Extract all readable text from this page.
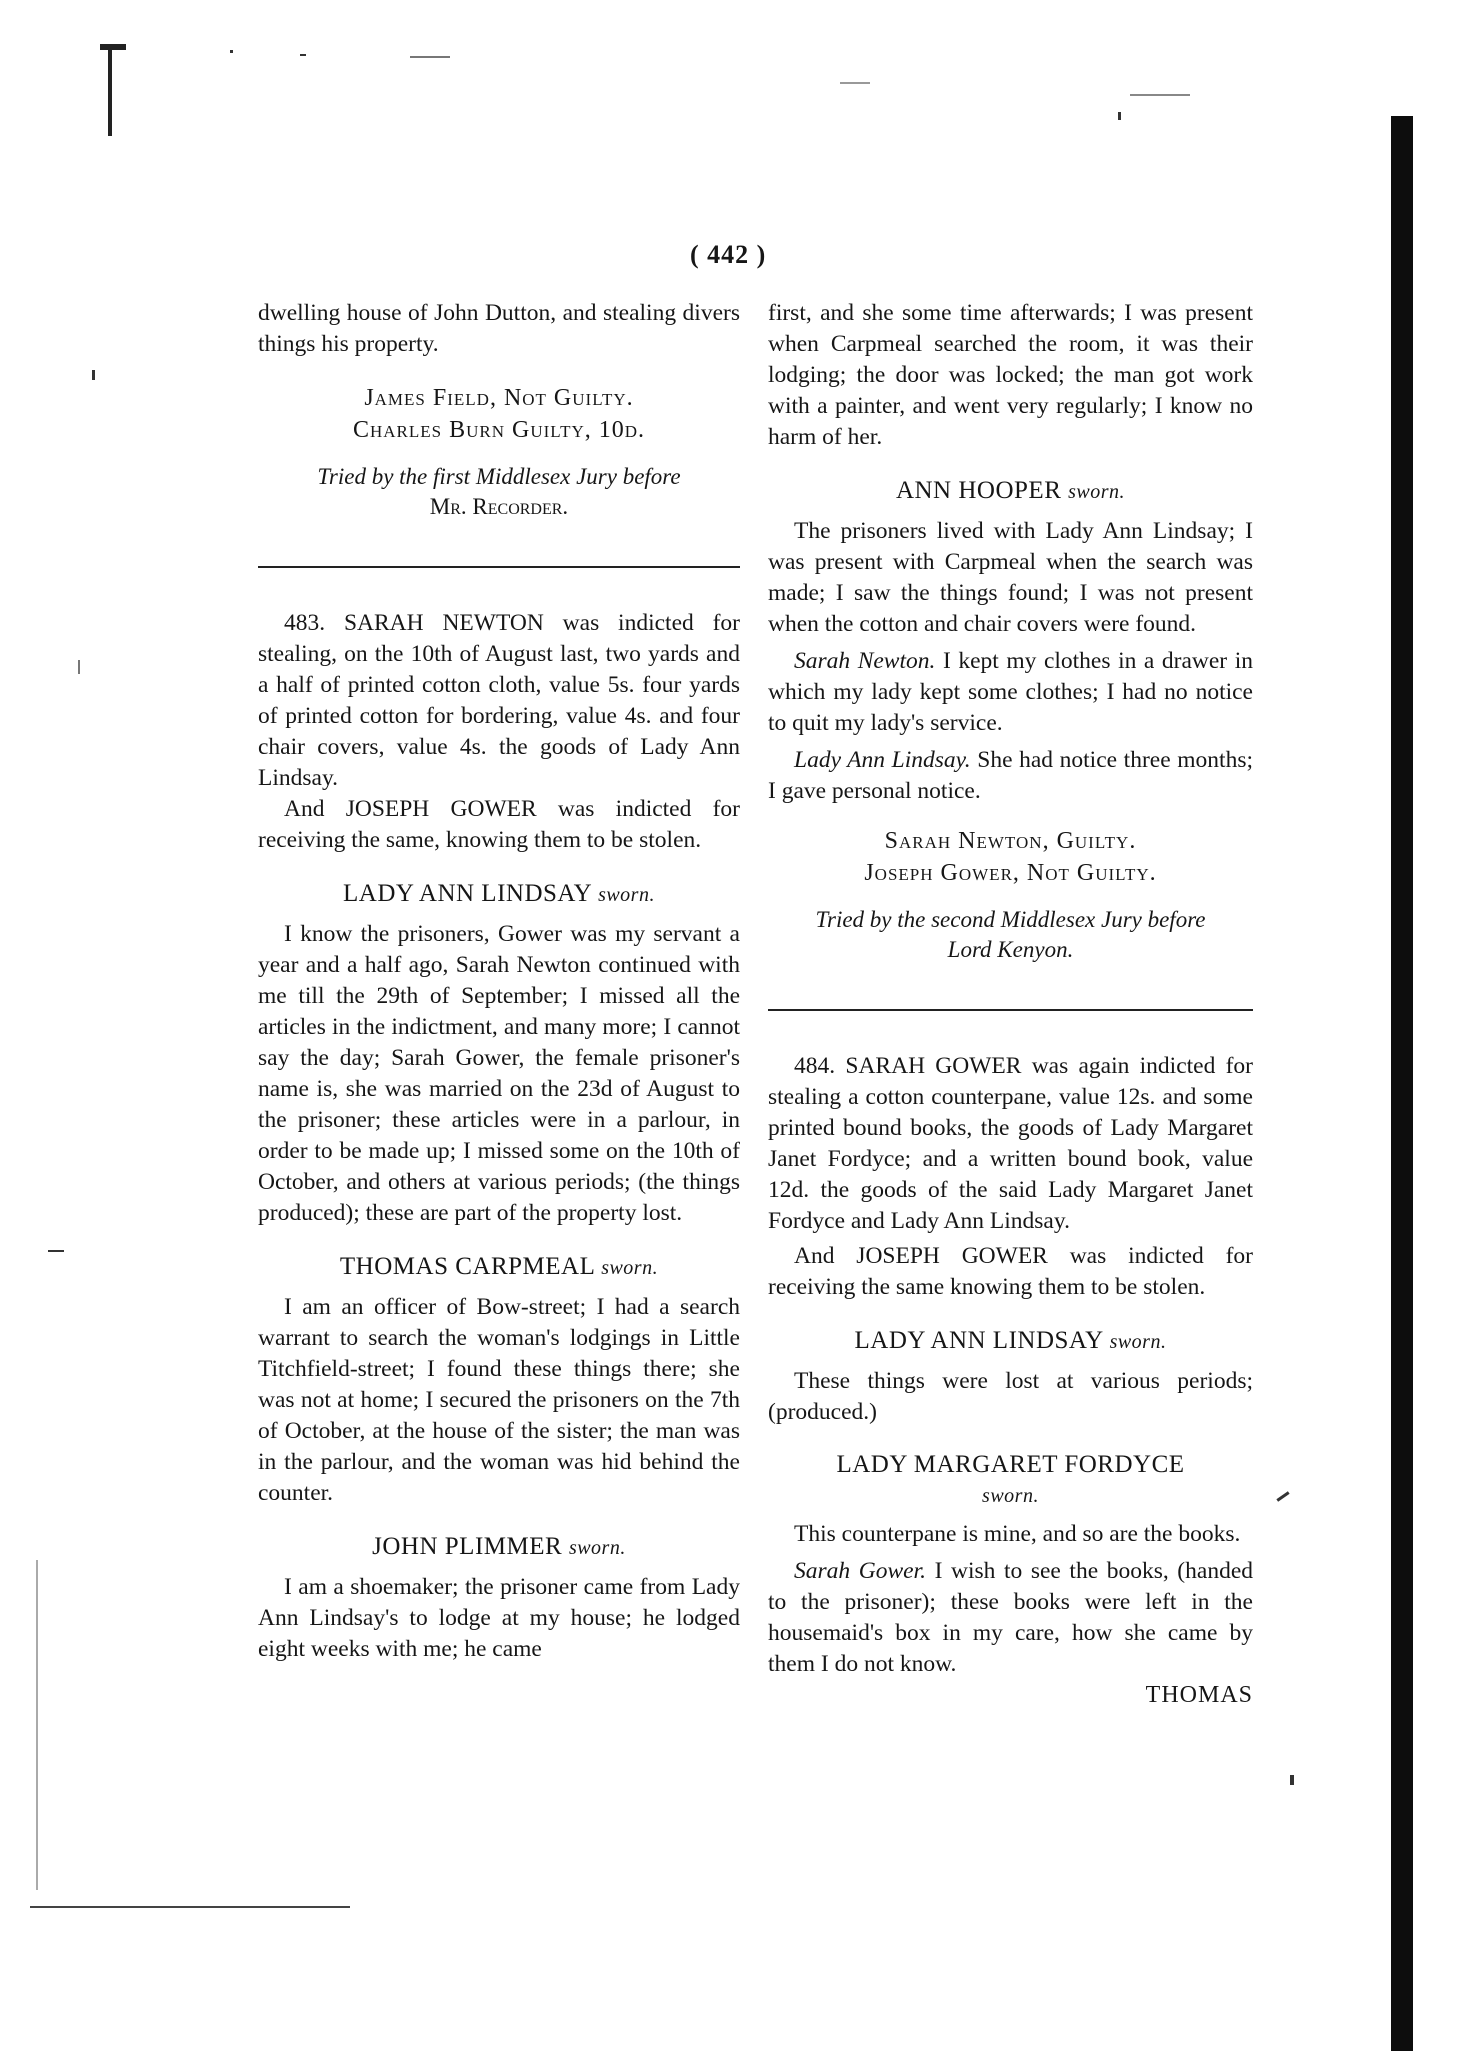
( 442 )

dwelling house of John Dutton, and stealing divers things his property.

James Field, Not Guilty.
Charles Burn Guilty, 10d.
Tried by the first Middlesex Jury before
Mr. Recorder.

483. SARAH NEWTON was indicted for stealing, on the 10th of August last, two yards and a half of printed cotton cloth, value 5s. four yards of printed cotton for bordering, value 4s. and four chair covers, value 4s. the goods of Lady Ann Lindsay.

And JOSEPH GOWER was indicted for receiving the same, knowing them to be stolen.

LADY ANN LINDSAY sworn.

I know the prisoners, Gower was my servant a year and a half ago, Sarah Newton continued with me till the 29th of September; I missed all the articles in the indictment, and many more; I cannot say the day; Sarah Gower, the female prisoner's name is, she was married on the 23d of August to the prisoner; these articles were in a parlour, in order to be made up; I missed some on the 10th of October, and others at various periods; (the things produced); these are part of the property lost.

THOMAS CARPMEAL sworn.

I am an officer of Bow-street; I had a search warrant to search the woman's lodgings in Little Titchfield-street; I found these things there; she was not at home; I secured the prisoners on the 7th of October, at the house of the sister; the man was in the parlour, and the woman was hid behind the counter.

JOHN PLIMMER sworn.

I am a shoemaker; the prisoner came from Lady Ann Lindsay's to lodge at my house; he lodged eight weeks with me; he came

first, and she some time afterwards; I was present when Carpmeal searched the room, it was their lodging; the door was locked; the man got work with a painter, and went very regularly; I know no harm of her.

ANN HOOPER sworn.

The prisoners lived with Lady Ann Lindsay; I was present with Carpmeal when the search was made; I saw the things found; I was not present when the cotton and chair covers were found.

Sarah Newton. I kept my clothes in a drawer in which my lady kept some clothes; I had no notice to quit my lady's service.

Lady Ann Lindsay. She had notice three months; I gave personal notice.

Sarah Newton, Guilty.
Joseph Gower, Not Guilty.
Tried by the second Middlesex Jury before
Lord Kenyon.

484. SARAH GOWER was again indicted for stealing a cotton counterpane, value 12s. and some printed bound books, the goods of Lady Margaret Janet Fordyce; and a written bound book, value 12d. the goods of the said Lady Margaret Janet Fordyce and Lady Ann Lindsay.

And JOSEPH GOWER was indicted for receiving the same knowing them to be stolen.

LADY ANN LINDSAY sworn.

These things were lost at various periods; (produced.)

LADY MARGARET FORDYCE
sworn.

This counterpane is mine, and so are the books.

Sarah Gower. I wish to see the books, (handed to the prisoner); these books were left in the housemaid's box in my care, how she came by them I do not know.

THOMAS
